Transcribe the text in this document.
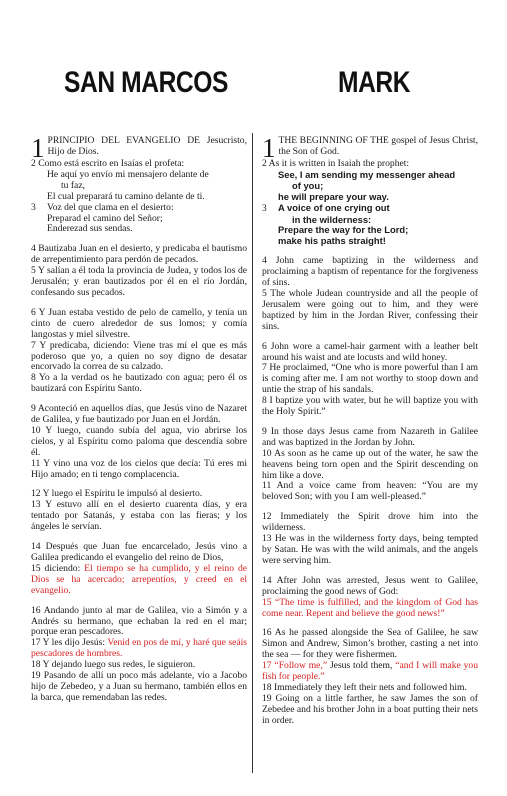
SAN MARCOS	MARK
1 PRINCIPIO DEL EVANGELIO DE Jesucristo, Hijo de Dios.
2 Como está escrito en Isaías el profeta:
He aquí yo envío mi mensajero delante de
tu faz,
El cual preparará tu camino delante de ti.
3 Voz del que clama en el desierto:
Preparad el camino del Señor;
Enderezad sus sendas.
4 Bautizaba Juan en el desierto, y predicaba el bautismo de arrepentimiento para perdón de pecados.
5 Y salían a él toda la provincia de Judea, y todos los de Jerusalén; y eran bautizados por él en el río Jordán, confesando sus pecados.
6 Y Juan estaba vestido de pelo de camello, y tenía un cinto de cuero alrededor de sus lomos; y comía langostas y miel silvestre.
7 Y predicaba, diciendo: Viene tras mí el que es más poderoso que yo, a quien no soy digno de desatar encorvado la correa de su calzado.
8 Yo a la verdad os he bautizado con agua; pero él os bautizará con Espíritu Santo.
9 Aconteció en aquellos días, que Jesús vino de Nazaret de Galilea, y fue bautizado por Juan en el Jordán.
10 Y luego, cuando subía del agua, vio abrirse los cielos, y al Espíritu como paloma que descendía sobre él.
11 Y vino una voz de los cielos que decía: Tú eres mi Hijo amado; en ti tengo complacencia.
12 Y luego el Espíritu le impulsó al desierto.
13 Y estuvo allí en el desierto cuarenta días, y era tentado por Satanás, y estaba con las fieras; y los ángeles le servían.
14 Después que Juan fue encarcelado, Jesús vino a Galilea predicando el evangelio del reino de Dios,
15 diciendo: El tiempo se ha cumplido, y el reino de Dios se ha acercado; arrepentíos, y creed en el evangelio.
16 Andando junto al mar de Galilea, vio a Simón y a Andrés su hermano, que echaban la red en el mar; porque eran pescadores.
17 Y les dijo Jesús: Venid en pos de mí, y haré que seáis pescadores de hombres.
18 Y dejando luego sus redes, le siguieron.
19 Pasando de allí un poco más adelante, vio a Jacobo hijo de Zebedeo, y a Juan su hermano, también ellos en la barca, que remendaban las redes.
1 THE BEGINNING OF THE gospel of Jesus Christ, the Son of God.
2 As it is written in Isaiah the prophet:
See, I am sending my messenger ahead
of you;
he will prepare your way.
3 A voice of one crying out
in the wilderness:
Prepare the way for the Lord;
make his paths straight!
4 John came baptizing in the wilderness and proclaiming a baptism of repentance for the forgiveness of sins.
5 The whole Judean countryside and all the people of Jerusalem were going out to him, and they were baptized by him in the Jordan River, confessing their sins.
6 John wore a camel-hair garment with a leather belt around his waist and ate locusts and wild honey.
7 He proclaimed, “One who is more powerful than I am is coming after me. I am not worthy to stoop down and untie the strap of his sandals.
8 I baptize you with water, but he will baptize you with the Holy Spirit.”
9 In those days Jesus came from Nazareth in Galilee and was baptized in the Jordan by John.
10 As soon as he came up out of the water, he saw the heavens being torn open and the Spirit descending on him like a dove.
11 And a voice came from heaven: “You are my beloved Son; with you I am well-pleased.”
12 Immediately the Spirit drove him into the wilderness.
13 He was in the wilderness forty days, being tempted by Satan. He was with the wild animals, and the angels were serving him.
14 After John was arrested, Jesus went to Galilee, proclaiming the good news of God:
15 “The time is fulfilled, and the kingdom of God has come near. Repent and believe the good news!”
16 As he passed alongside the Sea of Galilee, he saw Simon and Andrew, Simon’s brother, casting a net into the sea — for they were fishermen.
17 “Follow me,” Jesus told them, “and I will make you fish for people.”
18 Immediately they left their nets and followed him.
19 Going on a little farther, he saw James the son of Zebedee and his brother John in a boat putting their nets in order.
